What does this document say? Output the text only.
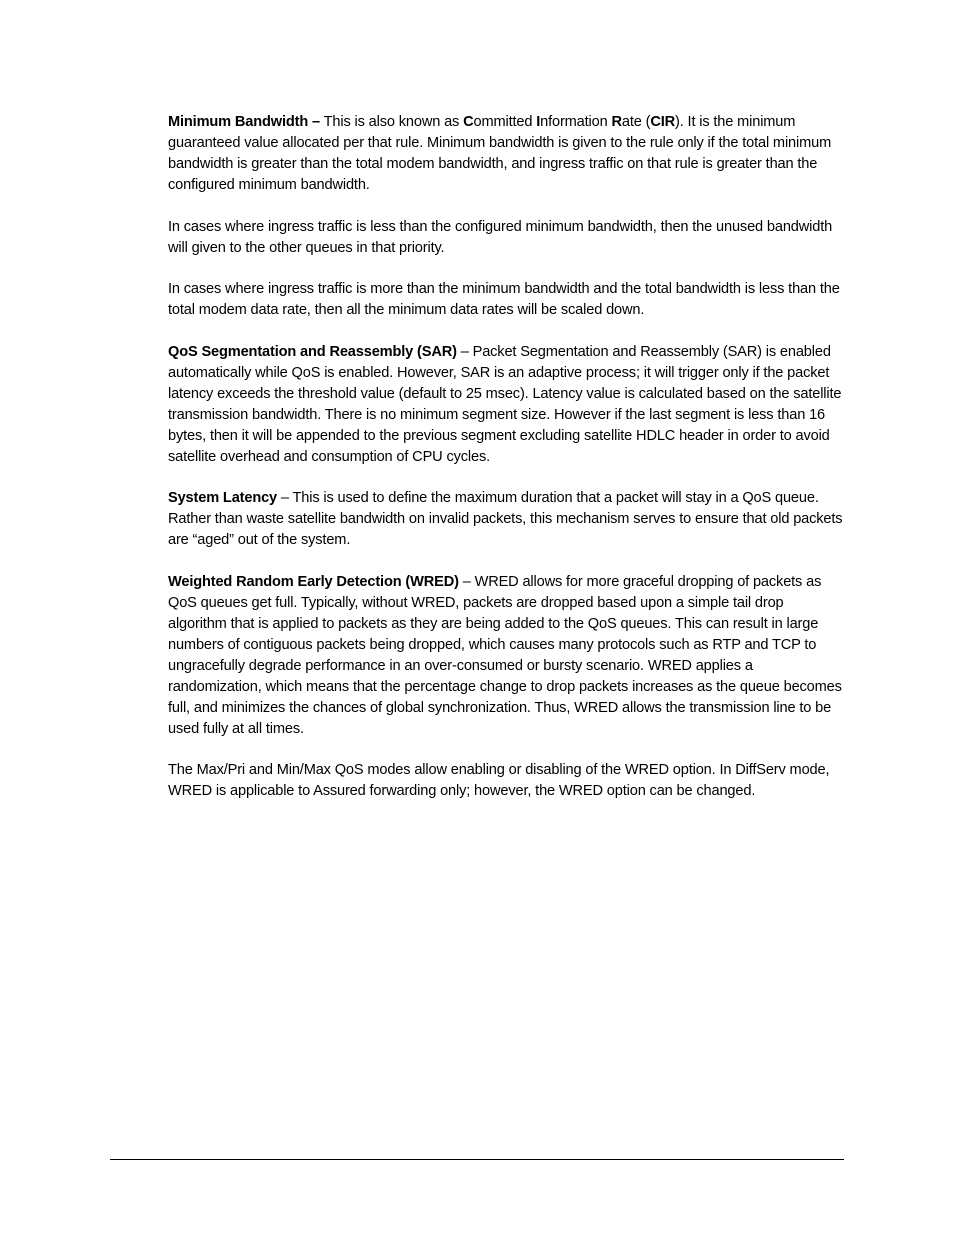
Minimum Bandwidth – This is also known as Committed Information Rate (CIR). It is the minimum guaranteed value allocated per that rule. Minimum bandwidth is given to the rule only if the total minimum bandwidth is greater than the total modem bandwidth, and ingress traffic on that rule is greater than the configured minimum bandwidth.

In cases where ingress traffic is less than the configured minimum bandwidth, then the unused bandwidth will given to the other queues in that priority.

In cases where ingress traffic is more than the minimum bandwidth and the total bandwidth is less than the total modem data rate, then all the minimum data rates will be scaled down.

QoS Segmentation and Reassembly (SAR) – Packet Segmentation and Reassembly (SAR) is enabled automatically while QoS is enabled. However, SAR is an adaptive process; it will trigger only if the packet latency exceeds the threshold value (default to 25 msec). Latency value is calculated based on the satellite transmission bandwidth. There is no minimum segment size. However if the last segment is less than 16 bytes, then it will be appended to the previous segment excluding satellite HDLC header in order to avoid satellite overhead and consumption of CPU cycles.

System Latency – This is used to define the maximum duration that a packet will stay in a QoS queue. Rather than waste satellite bandwidth on invalid packets, this mechanism serves to ensure that old packets are “aged” out of the system.

Weighted Random Early Detection (WRED) – WRED allows for more graceful dropping of packets as QoS queues get full. Typically, without WRED, packets are dropped based upon a simple tail drop algorithm that is applied to packets as they are being added to the QoS queues. This can result in large numbers of contiguous packets being dropped, which causes many protocols such as RTP and TCP to ungracefully degrade performance in an over-consumed or bursty scenario. WRED applies a randomization, which means that the percentage change to drop packets increases as the queue becomes full, and minimizes the chances of global synchronization. Thus, WRED allows the transmission line to be used fully at all times.

The Max/Pri and Min/Max QoS modes allow enabling or disabling of the WRED option. In DiffServ mode, WRED is applicable to Assured forwarding only; however, the WRED option can be changed.
